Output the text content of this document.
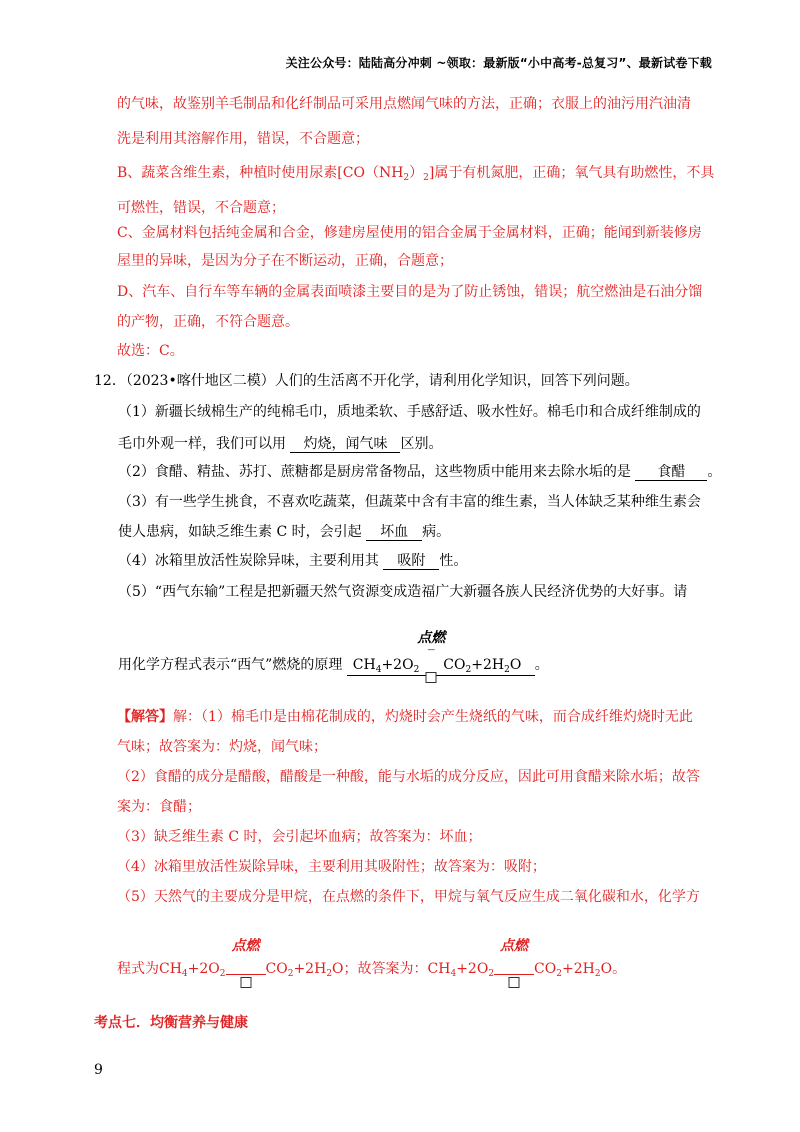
关注公众号：陆陆高分冲刺 ~领取：最新版“小中高考-总复习”、最新试卷下载
的气味，故鉴别羊毛制品和化纤制品可采用点燃闻气味的方法，正确；衣服上的油污用汽油清
洗是利用其溶解作用，错误，不合题意；
B、蔬菜含维生素，种植时使用尿素$[CO(NH_2)_2]$属于有机氮肥，正确；氧气具有助燃性，不具
可燃性，错误，不合题意；
C、金属材料包括纯金属和合金，修建房屋使用的铝合金属于金属材料，正确；能闻到新装修房
屋里的异味，是因为分子在不断运动，正确，合题意；
D、汽车、自行车等车辆的金属表面喷漆主要目的是为了防止锈蚀，错误；航空燃油是石油分馏
的产物，正确，不符合题意。
故选：C。
12．（2023•喀什地区二模）人们的生活离不开化学，请利用化学知识，回答下列问题。
（1）新疆长绒棉生产的纯棉毛巾，质地柔软、手感舒适、吸水性好。棉毛巾和合成纤维制成的
毛巾外观一样，我们可以用 灼烧，闻气味 区别。
（2）食醋、精盐、苏打、蔗糖都是厨房常备物品，这些物质中能用来去除水垢的是 食醋 。
（3）有一些学生挑食，不喜欢吃蔬菜，但蔬菜中含有丰富的维生素，当人体缺乏某种维生素会
使人患病，如缺乏维生素 C 时，会引起 坏血 病。
（4）冰箱里放活性炭除异味，主要利用其 吸附 性。
（5）“西气东输”工程是把新疆天然气资源变成造福广大新疆各族人民经济优势的大好事。请
用化学方程式表示“西气”燃烧的原理 $CH_4+2O_2$
点燃
‾
$CO_2+2H_2O$ 。
【解答】解：（1）棉毛巾是由棉花制成的，灼烧时会产生烧纸的气味，而合成纤维灼烧时无此
气味；故答案为：灼烧，闻气味；
（2）食醋的成分是醋酸，醋酸是一种酸，能与水垢的成分反应，因此可用食醋来除水垢；故答
案为：食醋；
（3）缺乏维生素 C 时，会引起坏血病；故答案为：坏血；
（4）冰箱里放活性炭除异味，主要利用其吸附性；故答案为：吸附；
（5）天然气的主要成分是甲烷，在点燃的条件下，甲烷与氧气反应生成二氧化碳和水，化学方
程式为$CH_4+2O_2$
点燃
$CO_2+2H_2O$；故答案为：$CH_4+2O_2$
点燃
$CO_2+2H_2O$。
考点七．均衡营养与健康
9
